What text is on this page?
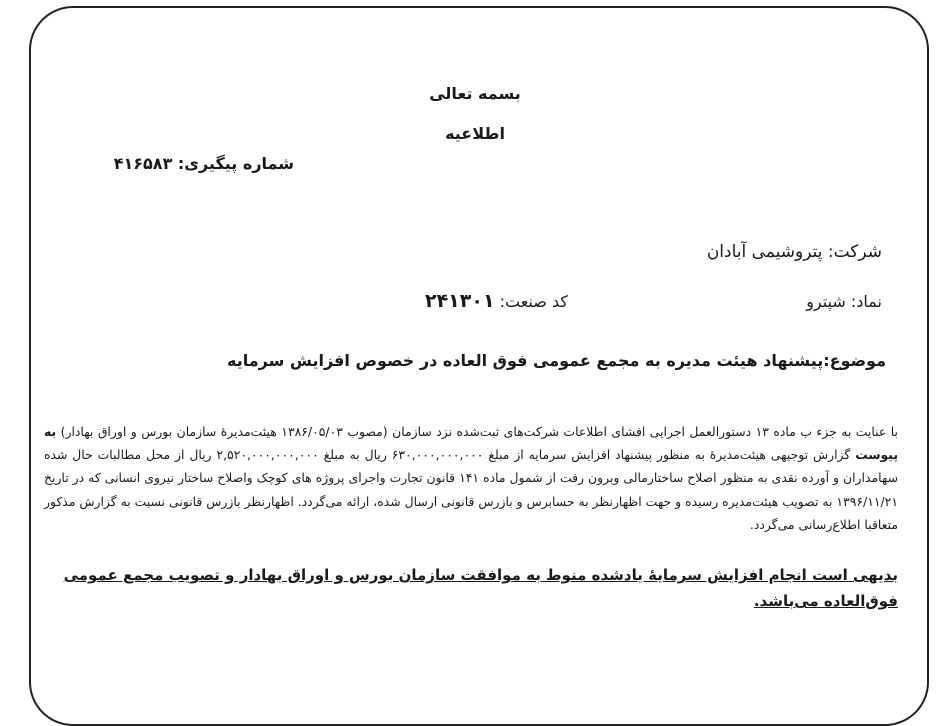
بسمه تعالی
اطلاعیه
شماره پیگیری: ۴۱۶۵۸۳
شرکت: پتروشیمی آبادان
نماد: شپترو
کد صنعت: ۲۴۱۳۰۱
موضوع:پیشنهاد هیئت مدیره به مجمع عمومی فوق العاده در خصوص افزایش سرمایه
با عنایت به جزء ب ماده ۱۳ دستورالعمل اجرایی افشای اطلاعات شرکت‌های ثبت‌شده نزد سازمان (مصوب ۱۳۸۶/۰۵/۰۳ هیئت‌مدیرهٔ سازمان بورس و اوراق بهادار) به پیوست گزارش توجیهی هیئت‌مدیرهٔ به منظور پیشنهاد افزایش سرمایه از مبلغ ۶۳۰,۰۰۰,۰۰۰,۰۰۰ ریال به مبلغ ۲,۵۲۰,۰۰۰,۰۰۰,۰۰۰ ریال از محل مطالبات حال شده سهامداران و آورده نقدی به منظور اصلاح ساختارمالی وبرون رفت از شمول ماده ۱۴۱ قانون تجارت واجرای پروژه های کوچک واصلاح ساختار نیروی انسانی که در تاریخ ۱۳۹۶/۱۱/۲۱ به تصویب هیئت‌مدیره رسیده و جهت اظهارنظر به حسابرس و بازرس قانونی ارسال شده، ارائه می‌گردد. اظهارنظر بازرس قانونی نسبت به گزارش مذکور متعاقبا اطلاع‌رسانی می‌گردد.
بدیهی است انجام افزایش سرمایهٔ یادشده منوط به موافقت سازمان بورس و اوراق بهادار و تصویب مجمع عمومی فوق‌العاده می‌باشد.
